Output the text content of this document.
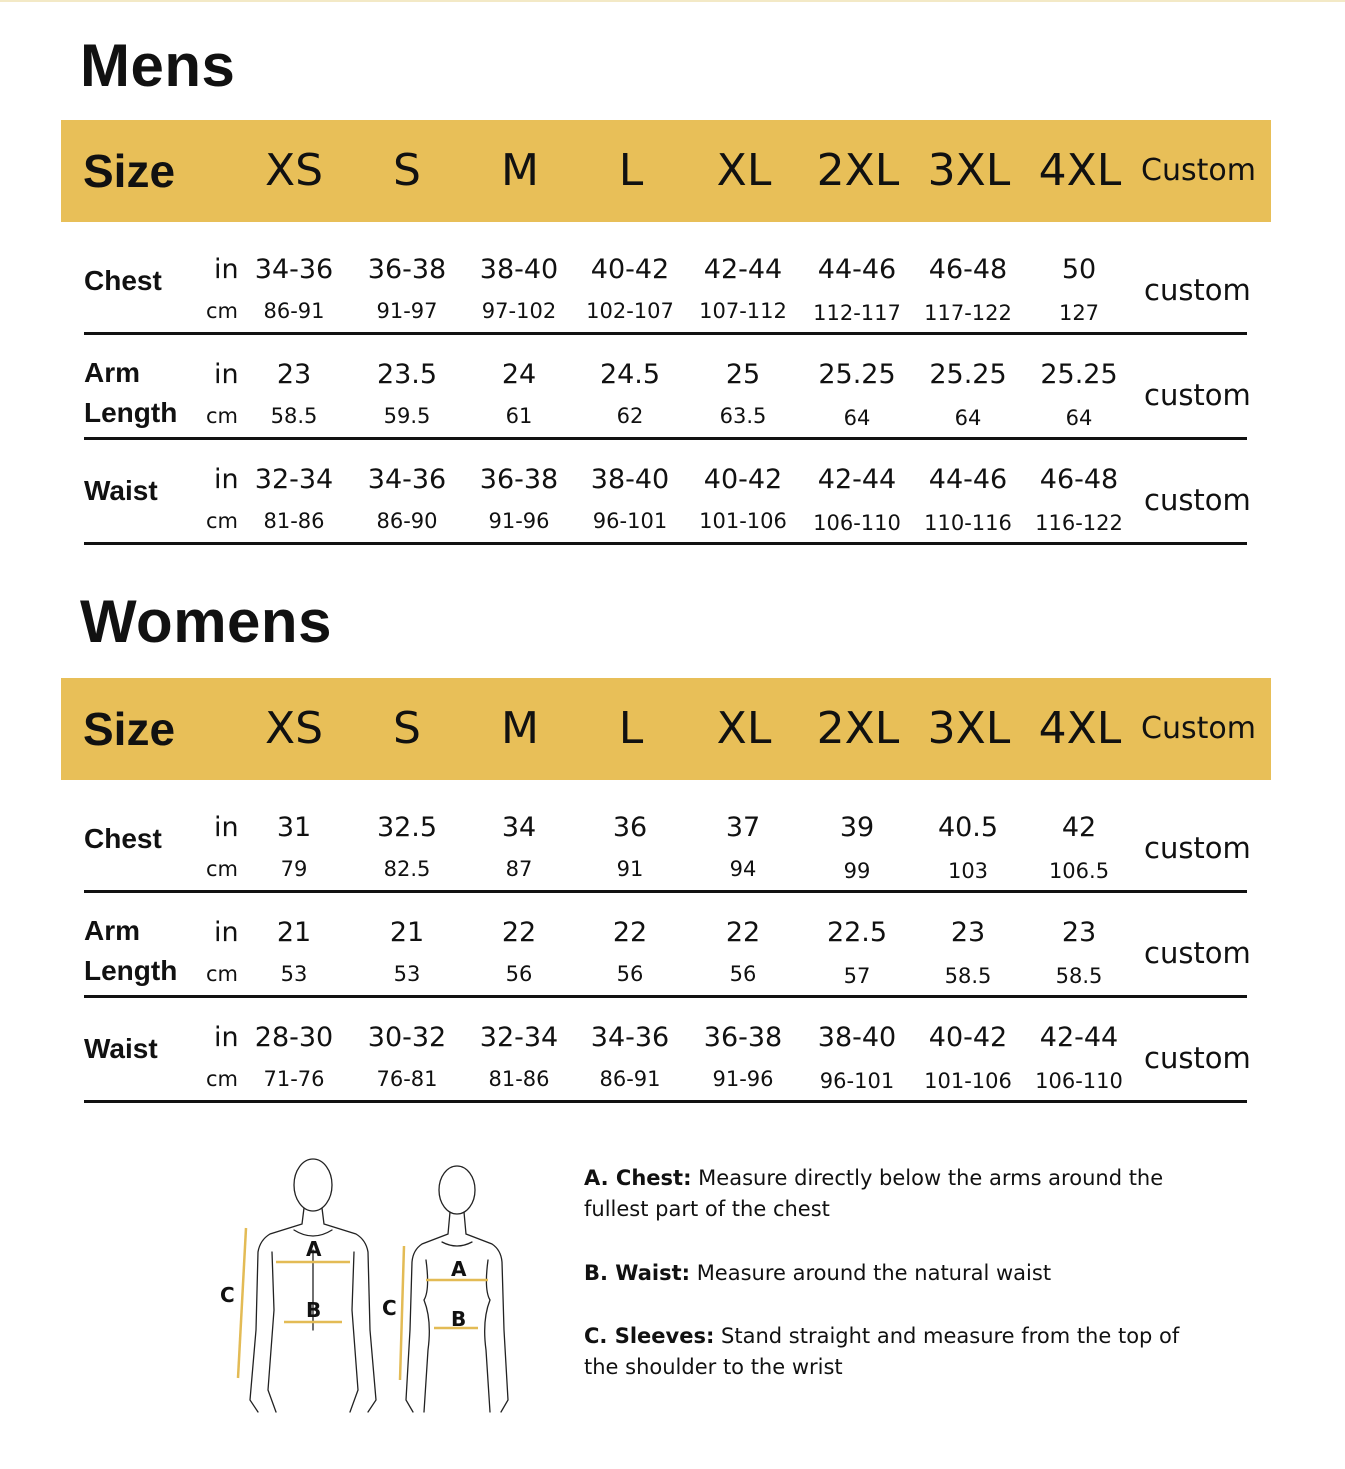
Mens
Size XS S M L XL 2XL 3XL 4XL Custom
Chest in
cm
34-36
86-91
36-38
91-97
38-40
97-102
40-42
102-107
42-44
107-112
44-46
112-117
46-48
117-122
50
127
custom
Arm
Length
in
cm
23
58.5
23.5
59.5
24
61
24.5
62
25
63.5
25.25
64
25.25
64
25.25
64
custom
Waist in
cm
32-34
81-86
34-36
86-90
36-38
91-96
38-40
96-101
40-42
101-106
42-44
106-110
44-46
110-116
46-48
116-122
custom
Womens
Size XS S M L XL 2XL 3XL 4XL Custom
Chest in
cm
31
79
32.5
82.5
34
87
36
91
37
94
39
99
40.5
103
42
106.5
custom
Arm
Length
in
cm
21
53
21
53
22
56
22
56
22
56
22.5
57
23
58.5
23
58.5
custom
Waist in
cm
28-30
71-76
30-32
76-81
32-34
81-86
34-36
86-91
36-38
91-96
38-40
96-101
40-42
101-106
42-44
106-110
custom
A
B
C
A
B
C

A. Chest: Measure directly below the arms around the fullest part of the chest

B. Waist: Measure around the natural waist

C. Sleeves: Stand straight and measure from the top of the shoulder to the wrist
